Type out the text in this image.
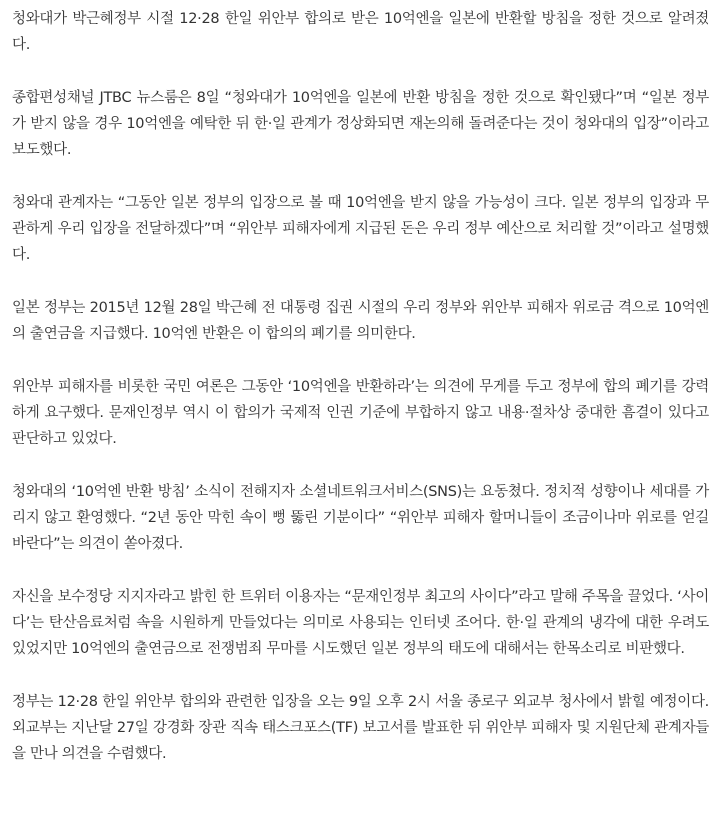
청와대가 박근혜정부 시절 12·28 한일 위안부 합의로 받은 10억엔을 일본에 반환할 방침을 정한 것으로 알려졌다.

종합편성채널 JTBC 뉴스룸은 8일 “청와대가 10억엔을 일본에 반환 방침을 정한 것으로 확인됐다”며 “일본 정부가 받지 않을 경우 10억엔을 예탁한 뒤 한·일 관계가 정상화되면 재논의해 돌려준다는 것이 청와대의 입장”이라고 보도했다.

청와대 관계자는 “그동안 일본 정부의 입장으로 볼 때 10억엔을 받지 않을 가능성이 크다. 일본 정부의 입장과 무관하게 우리 입장을 전달하겠다”며 “위안부 피해자에게 지급된 돈은 우리 정부 예산으로 처리할 것”이라고 설명했다.

일본 정부는 2015년 12월 28일 박근혜 전 대통령 집권 시절의 우리 정부와 위안부 피해자 위로금 격으로 10억엔의 출연금을 지급했다. 10억엔 반환은 이 합의의 폐기를 의미한다.

위안부 피해자를 비롯한 국민 여론은 그동안 ‘10억엔을 반환하라’는 의견에 무게를 두고 정부에 합의 폐기를 강력하게 요구했다. 문재인정부 역시 이 합의가 국제적 인권 기준에 부합하지 않고 내용·절차상 중대한 흠결이 있다고 판단하고 있었다.

청와대의 ‘10억엔 반환 방침’ 소식이 전해지자 소셜네트워크서비스(SNS)는 요동쳤다. 정치적 성향이나 세대를 가리지 않고 환영했다. “2년 동안 막힌 속이 뻥 뚫린 기분이다” “위안부 피해자 할머니들이 조금이나마 위로를 얻길 바란다”는 의견이 쏟아졌다.

자신을 보수정당 지지자라고 밝힌 한 트위터 이용자는 “문재인정부 최고의 사이다”라고 말해 주목을 끌었다. ‘사이다’는 탄산음료처럼 속을 시원하게 만들었다는 의미로 사용되는 인터넷 조어다. 한·일 관계의 냉각에 대한 우려도 있었지만 10억엔의 출연금으로 전쟁범죄 무마를 시도했던 일본 정부의 태도에 대해서는 한목소리로 비판했다.

정부는 12·28 한일 위안부 합의와 관련한 입장을 오는 9일 오후 2시 서울 종로구 외교부 청사에서 밝힐 예정이다. 외교부는 지난달 27일 강경화 장관 직속 태스크포스(TF) 보고서를 발표한 뒤 위안부 피해자 및 지원단체 관계자들을 만나 의견을 수렴했다.
